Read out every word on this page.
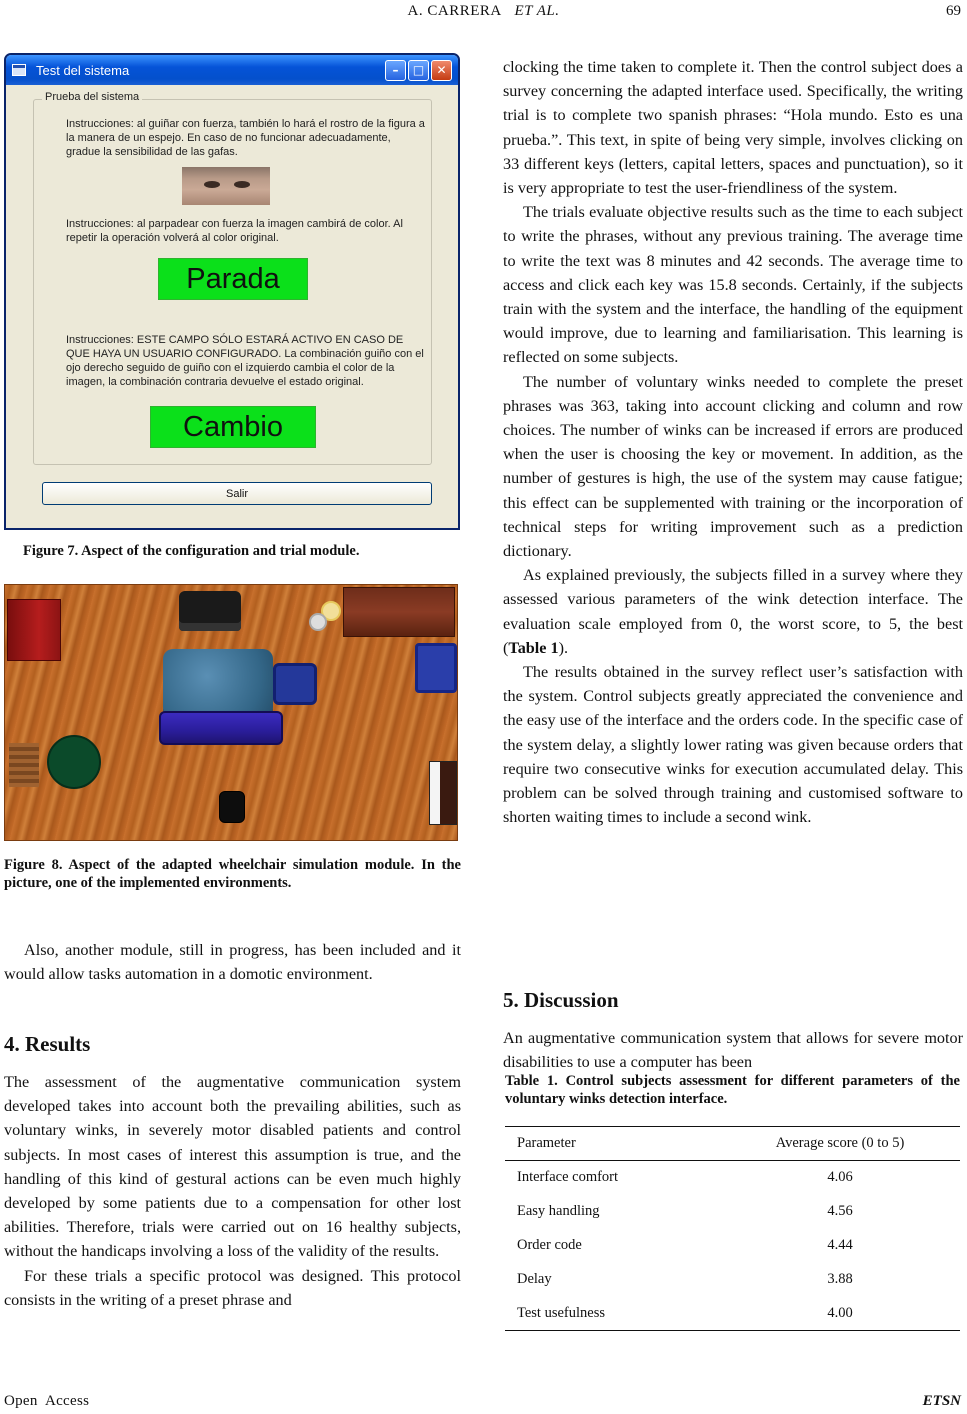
A. CARRERA ET AL.	69
Test del sistema	–	□	✕
Prueba del sistema
Instrucciones: al guiñar con fuerza, también lo hará el rostro de la figura a la manera de un espejo. En caso de no funcionar adecuadamente, gradue la sensibilidad de las gafas.
Instrucciones: al parpadear con fuerza la imagen cambirá de color. Al repetir la operación volverá al color original.
Parada
Instrucciones: ESTE CAMPO SÓLO ESTARÁ ACTIVO EN CASO DE QUE HAYA UN USUARIO CONFIGURADO. La combinación guiño con el ojo derecho seguido de guiño con el izquierdo cambia el color de la imagen, la combinación contraria devuelve el estado original.
Cambio
Salir
Figure 7. Aspect of the configuration and trial module.
Figure 8. Aspect of the adapted wheelchair simulation module. In the picture, one of the implemented environments.

Also, another module, still in progress, has been included and it would allow tasks automation in a domotic environment.

4. Results

The assessment of the augmentative communication system developed takes into account both the prevailing abilities, such as voluntary winks, in severely motor disabled patients and control subjects. In most cases of interest this assumption is true, and the handling of this kind of gestural actions can be even much highly developed by some patients due to a compensation for other lost abilities. Therefore, trials were carried out on 16 healthy subjects, without the handicaps involving a loss of the validity of the results.

For these trials a specific protocol was designed. This protocol consists in the writing of a preset phrase and

clocking the time taken to complete it. Then the control subject does a survey concerning the adapted interface used. Specifically, the writing trial is to complete two spanish phrases: “Hola mundo. Esto es una prueba.”. This text, in spite of being very simple, involves clicking on 33 different keys (letters, capital letters, spaces and punctuation), so it is very appropriate to test the user-friendliness of the system.

The trials evaluate objective results such as the time to each subject to write the phrases, without any previous training. The average time to write the text was 8 minutes and 42 seconds. The average time to access and click each key was 15.8 seconds. Certainly, if the subjects train with the system and the interface, the handling of the equipment would improve, due to learning and familiarisation. This learning is reflected on some subjects.

The number of voluntary winks needed to complete the preset phrases was 363, taking into account clicking and column and row choices. The number of winks can be increased if errors are produced when the user is choosing the key or movement. In addition, as the number of gestures is high, the use of the system may cause fatigue; this effect can be supplemented with training or the incorporation of technical steps for writing improvement such as a prediction dictionary.

As explained previously, the subjects filled in a survey where they assessed various parameters of the wink detection interface. The evaluation scale employed from 0, the worst score, to 5, the best (Table 1).

The results obtained in the survey reflect user’s satisfaction with the system. Control subjects greatly appreciated the convenience and the easy use of the interface and the orders code. In the specific case of the system delay, a slightly lower rating was given because orders that require two consecutive winks for execution accumulated delay. This problem can be solved through training and customised software to shorten waiting times to include a second wink.

5. Discussion

An augmentative communication system that allows for severe motor disabilities to use a computer has been

Table 1. Control subjects assessment for different parameters of the voluntary winks detection interface.
Parameter	Average score (0 to 5)
Interface comfort	4.06
Easy handling	4.56
Order code	4.44
Delay	3.88
Test usefulness	4.00
Open  Access	ETSN
